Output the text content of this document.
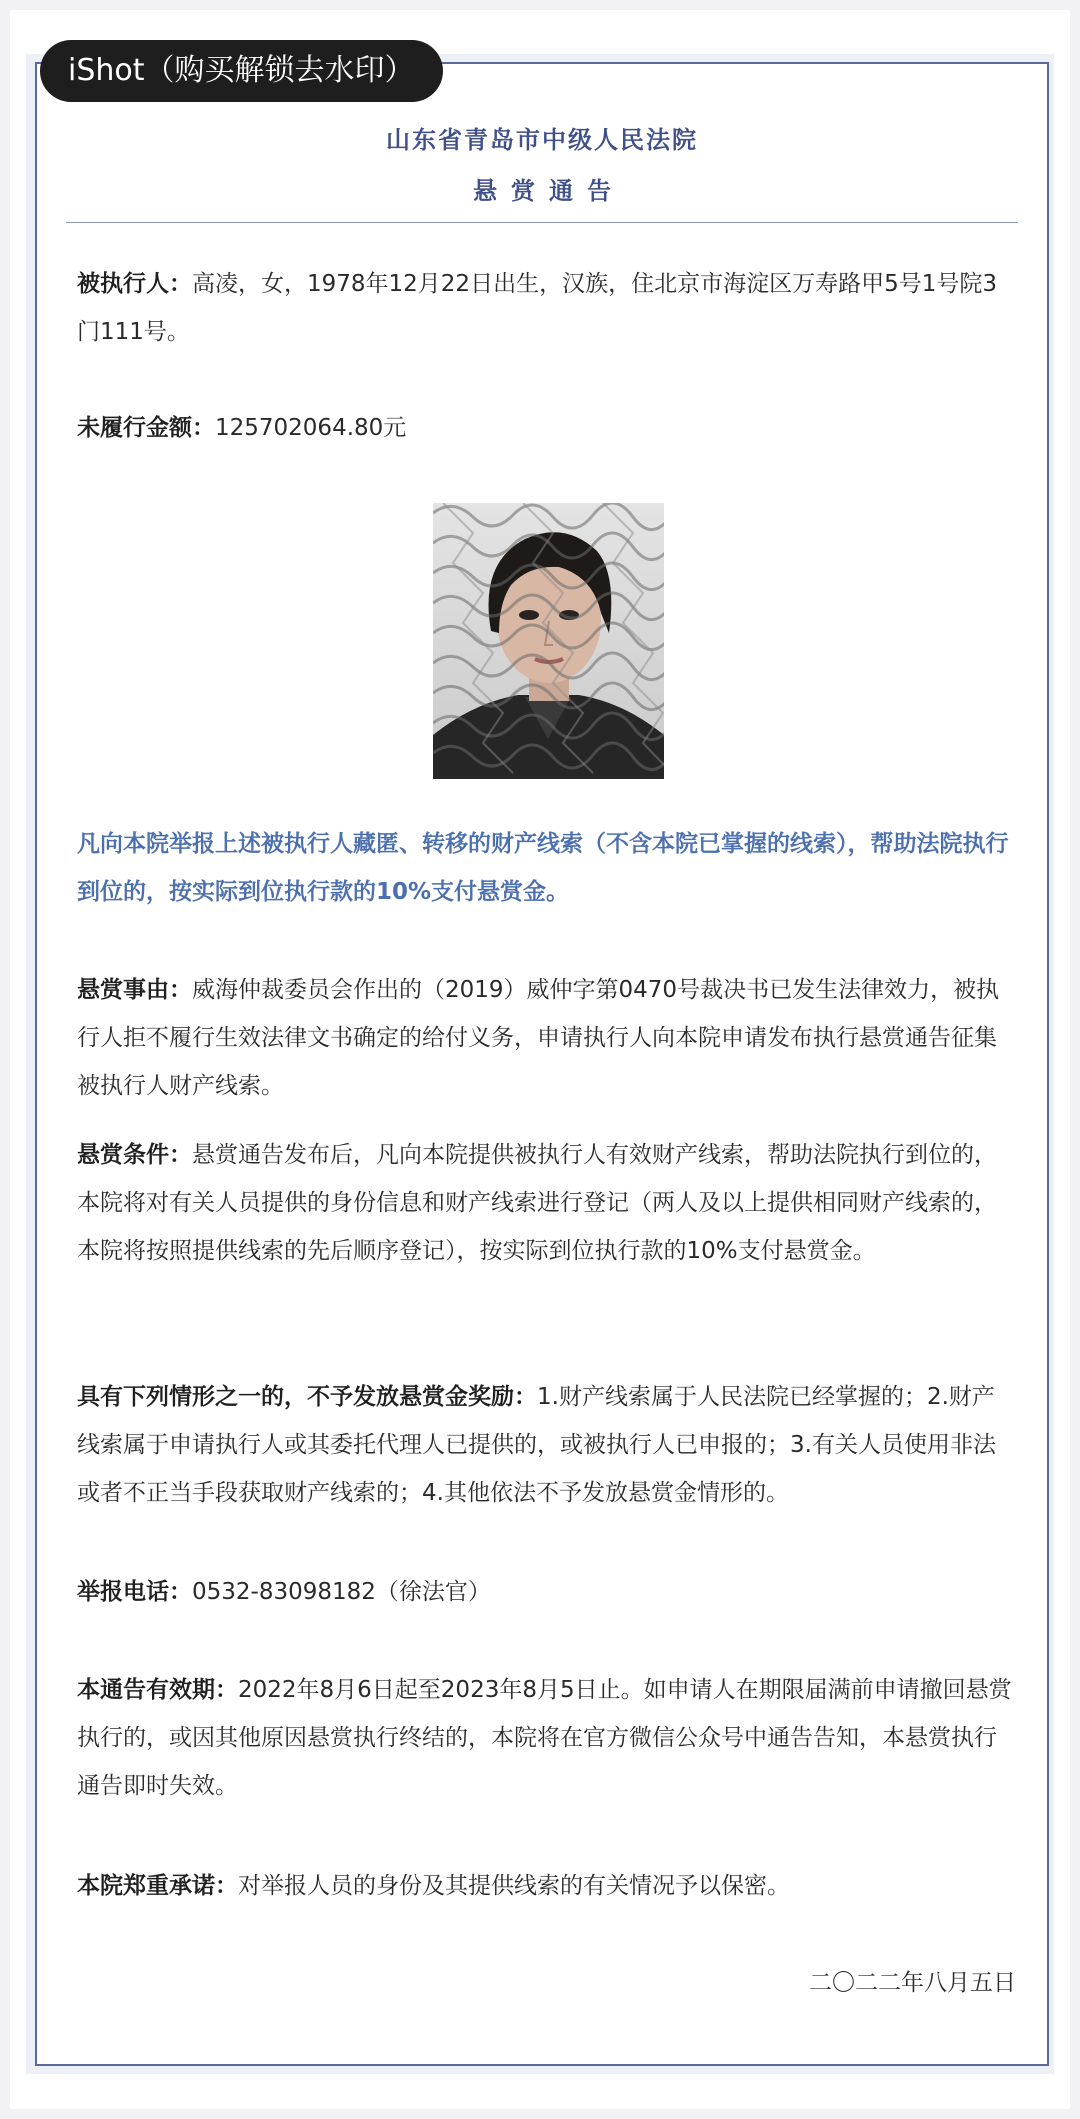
山东省青岛市中级人民法院
悬赏通告
被执行人：高凌，女，1978年12月22日出生，汉族，住北京市海淀区万寿路甲5号1号院3门111号。
未履行金额：125702064.80元
凡向本院举报上述被执行人藏匿、转移的财产线索（不含本院已掌握的线索），帮助法院执行到位的，按实际到位执行款的10%支付悬赏金。
悬赏事由：威海仲裁委员会作出的（2019）威仲字第0470号裁决书已发生法律效力，被执行人拒不履行生效法律文书确定的给付义务，申请执行人向本院申请发布执行悬赏通告征集被执行人财产线索。
悬赏条件：悬赏通告发布后，凡向本院提供被执行人有效财产线索，帮助法院执行到位的，本院将对有关人员提供的身份信息和财产线索进行登记（两人及以上提供相同财产线索的，本院将按照提供线索的先后顺序登记），按实际到位执行款的10%支付悬赏金。
具有下列情形之一的，不予发放悬赏金奖励：1.财产线索属于人民法院已经掌握的；2.财产线索属于申请执行人或其委托代理人已提供的，或被执行人已申报的；3.有关人员使用非法或者不正当手段获取财产线索的；4.其他依法不予发放悬赏金情形的。
举报电话：0532-83098182（徐法官）
本通告有效期：2022年8月6日起至2023年8月5日止。如申请人在期限届满前申请撤回悬赏执行的，或因其他原因悬赏执行终结的，本院将在官方微信公众号中通告告知，本悬赏执行通告即时失效。
本院郑重承诺：对举报人员的身份及其提供线索的有关情况予以保密。
二〇二二年八月五日
iShot（购买解锁去水印）
